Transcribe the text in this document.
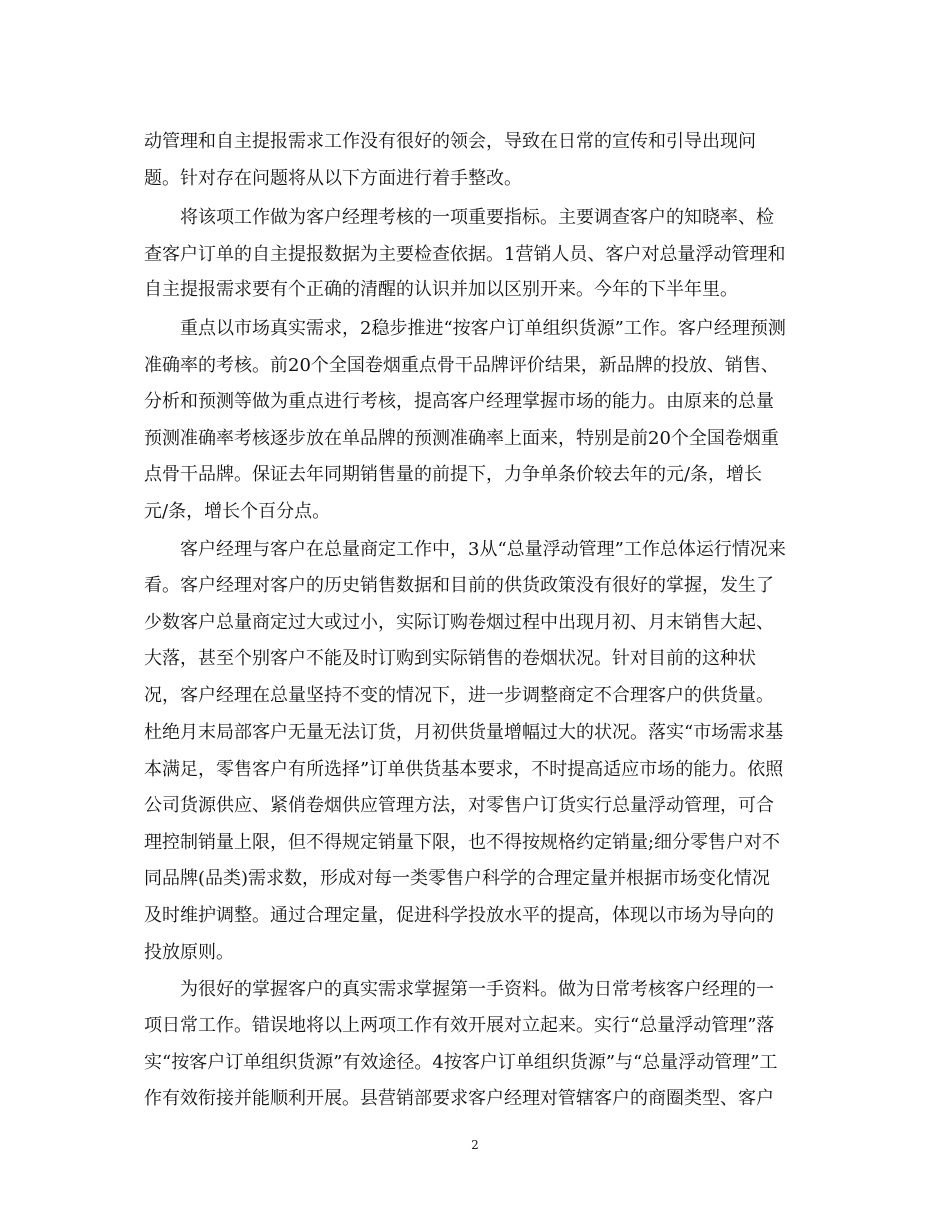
动管理和自主提报需求工作没有很好的领会，导致在日常的宣传和引导出现问
题。针对存在问题将从以下方面进行着手整改。
将该项工作做为客户经理考核的一项重要指标。主要调查客户的知晓率、检
查客户订单的自主提报数据为主要检查依据。1营销人员、客户对总量浮动管理和
自主提报需求要有个正确的清醒的认识并加以区别开来。今年的下半年里。
重点以市场真实需求，2稳步推进“按客户订单组织货源”工作。客户经理预测
准确率的考核。前20个全国卷烟重点骨干品牌评价结果，新品牌的投放、销售、
分析和预测等做为重点进行考核，提高客户经理掌握市场的能力。由原来的总量
预测准确率考核逐步放在单品牌的预测准确率上面来，特别是前20个全国卷烟重
点骨干品牌。保证去年同期销售量的前提下，力争单条价较去年的元/条，增长
元/条，增长个百分点。
客户经理与客户在总量商定工作中，3从“总量浮动管理”工作总体运行情况来
看。客户经理对客户的历史销售数据和目前的供货政策没有很好的掌握，发生了
少数客户总量商定过大或过小，实际订购卷烟过程中出现月初、月末销售大起、
大落，甚至个别客户不能及时订购到实际销售的卷烟状况。针对目前的这种状
况，客户经理在总量坚持不变的情况下，进一步调整商定不合理客户的供货量。
杜绝月末局部客户无量无法订货，月初供货量增幅过大的状况。落实“市场需求基
本满足，零售客户有所选择”订单供货基本要求，不时提高适应市场的能力。依照
公司货源供应、紧俏卷烟供应管理方法，对零售户订货实行总量浮动管理，可合
理控制销量上限，但不得规定销量下限，也不得按规格约定销量;细分零售户对不
同品牌(品类)需求数，形成对每一类零售户科学的合理定量并根据市场变化情况
及时维护调整。通过合理定量，促进科学投放水平的提高，体现以市场为导向的
投放原则。
为很好的掌握客户的真实需求掌握第一手资料。做为日常考核客户经理的一
项日常工作。错误地将以上两项工作有效开展对立起来。实行“总量浮动管理”落
实“按客户订单组织货源”有效途径。4按客户订单组织货源”与“总量浮动管理”工
作有效衔接并能顺利开展。县营销部要求客户经理对管辖客户的商圈类型、客户
2
